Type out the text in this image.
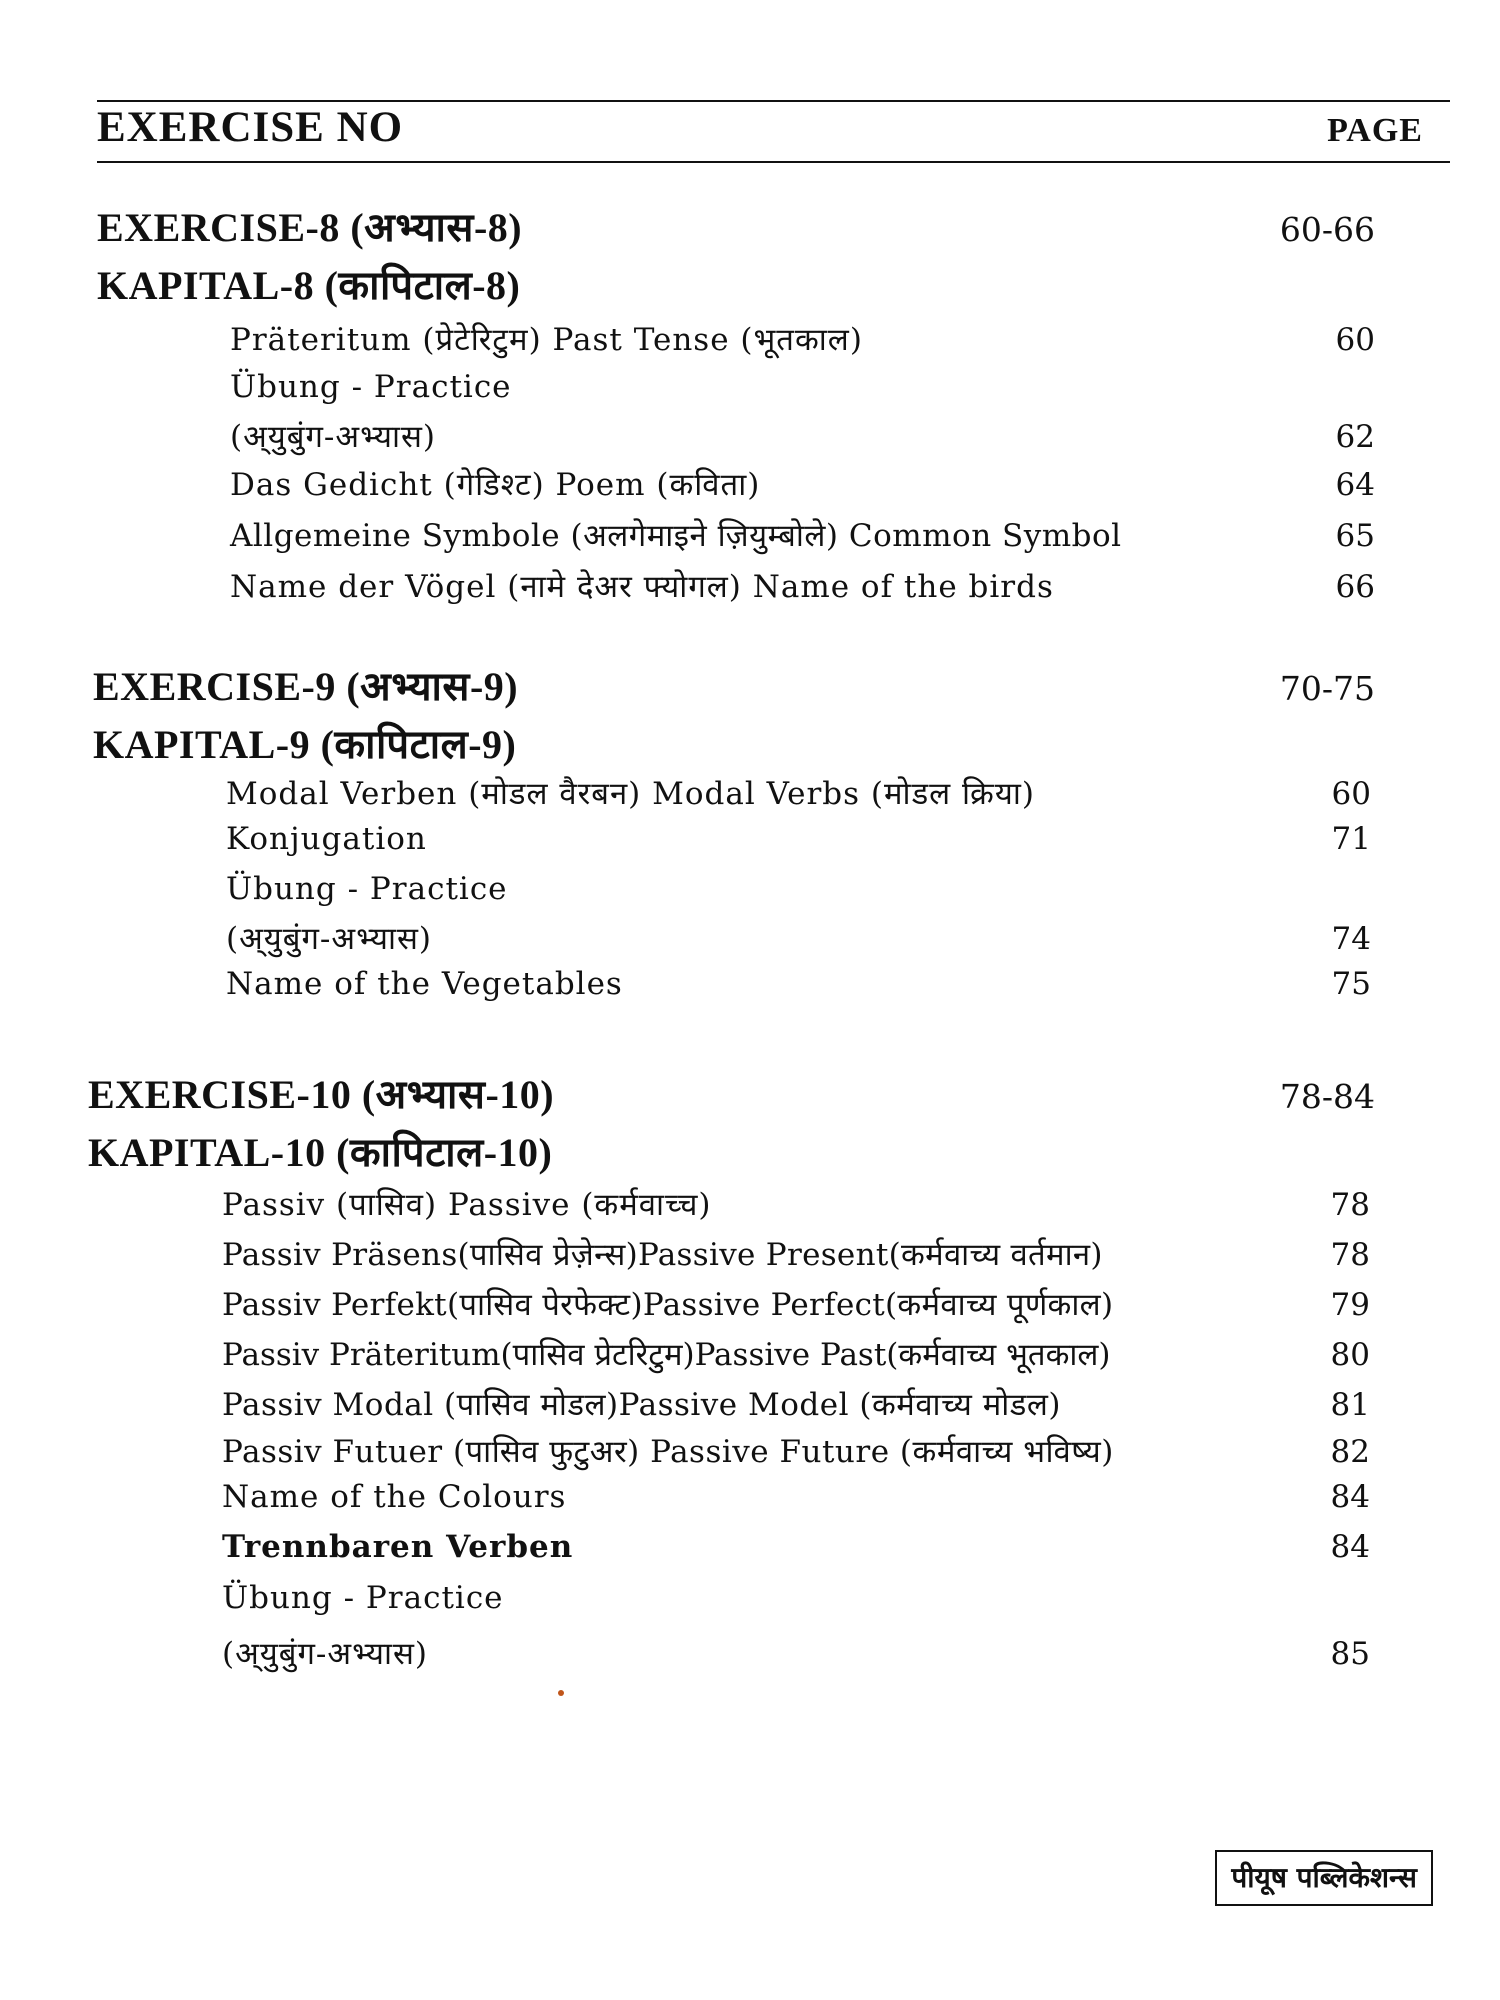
EXERCISE NO	PAGE
EXERCISE-8 (अभ्यास-8)	60-66
KAPITAL-8 (कापिटाल-8)
Präteritum (प्रेटेरिटुम) Past Tense (भूतकाल)	60
Übung - Practice
(अ्युबुंग-अभ्यास)	62
Das Gedicht (गेडिश्ट) Poem (कविता)	64
Allgemeine Symbole (अलगेमाइने ज़ियुम्बोले) Common Symbol	65
Name der Vögel (नामे देअर फ्योगल) Name of the birds	66
EXERCISE-9 (अभ्यास-9)	70-75
KAPITAL-9 (कापिटाल-9)
Modal Verben (मोडल वैरबन) Modal Verbs (मोडल क्रिया)	60
Konjugation	71
Übung - Practice
(अ्युबुंग-अभ्यास)	74
Name of the Vegetables	75
EXERCISE-10 (अभ्यास-10)	78-84
KAPITAL-10 (कापिटाल-10)
Passiv (पासिव) Passive (कर्मवाच्च)	78
Passiv Präsens(पासिव प्रेज़ेन्स)Passive Present(कर्मवाच्य वर्तमान)	78
Passiv Perfekt(पासिव पेरफेक्ट)Passive Perfect(कर्मवाच्य पूर्णकाल)	79
Passiv Präteritum(पासिव प्रेटरिटुम)Passive Past(कर्मवाच्य भूतकाल)	80
Passiv Modal (पासिव मोडल)Passive Model (कर्मवाच्य मोडल)	81
Passiv Futuer (पासिव फुटुअर) Passive Future (कर्मवाच्य भविष्य)	82
Name of the Colours	84
Trennbaren Verben	84
Übung - Practice
(अ्युबुंग-अभ्यास)	85
पीयूष पब्लिकेशन्स
